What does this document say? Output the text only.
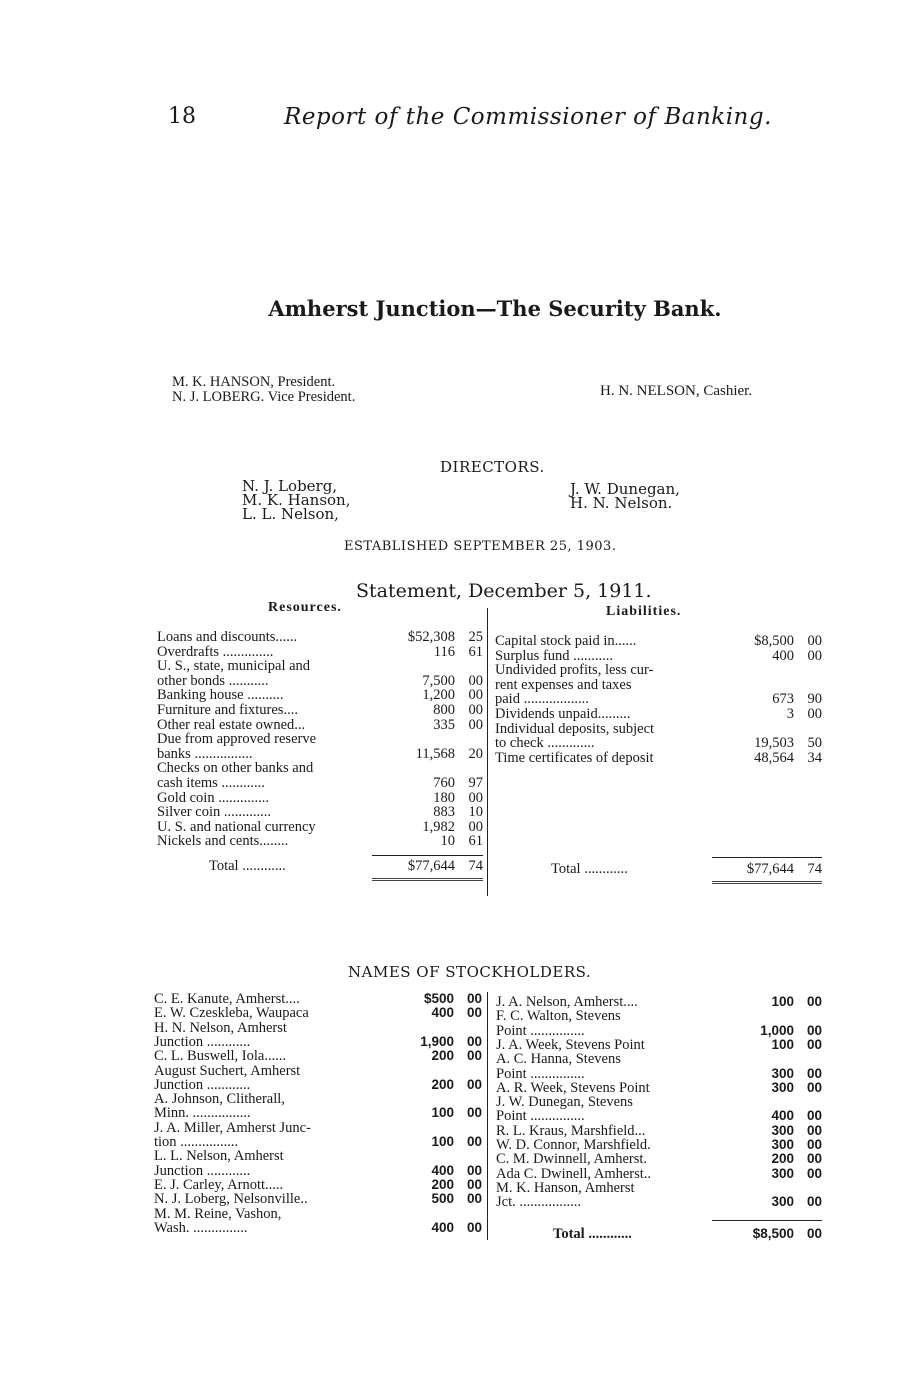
18	Report of the Commissioner of Banking.
Amherst Junction—The Security Bank.
M. K. HANSON, President.
N. J. LOBERG. Vice President.	H. N. NELSON, Cashier.
DIRECTORS.
N. J. Loberg,
M. K. Hanson,
L. L. Nelson,
J. W. Dunegan,
H. N. Nelson.
ESTABLISHED SEPTEMBER 25, 1903.
Statement, December 5, 1911.
Resources.	Liabilities.
Loans and discounts......	$52,308 25
Overdrafts ..............	116 61
U. S., state, municipal and
other bonds ...........	7,500 00
Banking house ..........	1,200 00
Furniture and fixtures....	800 00
Other real estate owned...	335 00
Due from approved reserve
banks ................	11,568 20
Checks on other banks and
cash items ............	760 97
Gold coin ..............	180 00
Silver coin .............	883 10
U. S. and national currency	1,982 00
Nickels and cents........	10 61
Capital stock paid in......	$8,500 00
Surplus fund ...........	400 00
Undivided profits, less cur-
rent expenses and taxes
paid ..................	673 90
Dividends unpaid.........	3 00
Individual deposits, subject
to check .............	19,503 50
Time certificates of deposit	48,564 34
Total ............	$77,644 74	Total ............	$77,644 74
NAMES OF STOCKHOLDERS.
C. E. Kanute, Amherst....	$500 00
E. W. Czeskleba, Waupaca	400 00
H. N. Nelson, Amherst
Junction ............	1,900 00
C. L. Buswell, Iola......	200 00
August Suchert, Amherst
Junction ............	200 00
A. Johnson, Clitherall,
Minn. ................	100 00
J. A. Miller, Amherst Junc-
tion ................	100 00
L. L. Nelson, Amherst
Junction ............	400 00
E. J. Carley, Arnott.....	200 00
N. J. Loberg, Nelsonville..	500 00
M. M. Reine, Vashon,
Wash. ...............	400 00
J. A. Nelson, Amherst....	100 00
F. C. Walton, Stevens
Point ...............	1,000 00
J. A. Week, Stevens Point	100 00
A. C. Hanna, Stevens
Point ...............	300 00
A. R. Week, Stevens Point	300 00
J. W. Dunegan, Stevens
Point ...............	400 00
R. L. Kraus, Marshfield...	300 00
W. D. Connor, Marshfield.	300 00
C. M. Dwinnell, Amherst.	200 00
Ada C. Dwinell, Amherst..	300 00
M. K. Hanson, Amherst
Jct. .................	300 00
Total ............	$8,500 00
